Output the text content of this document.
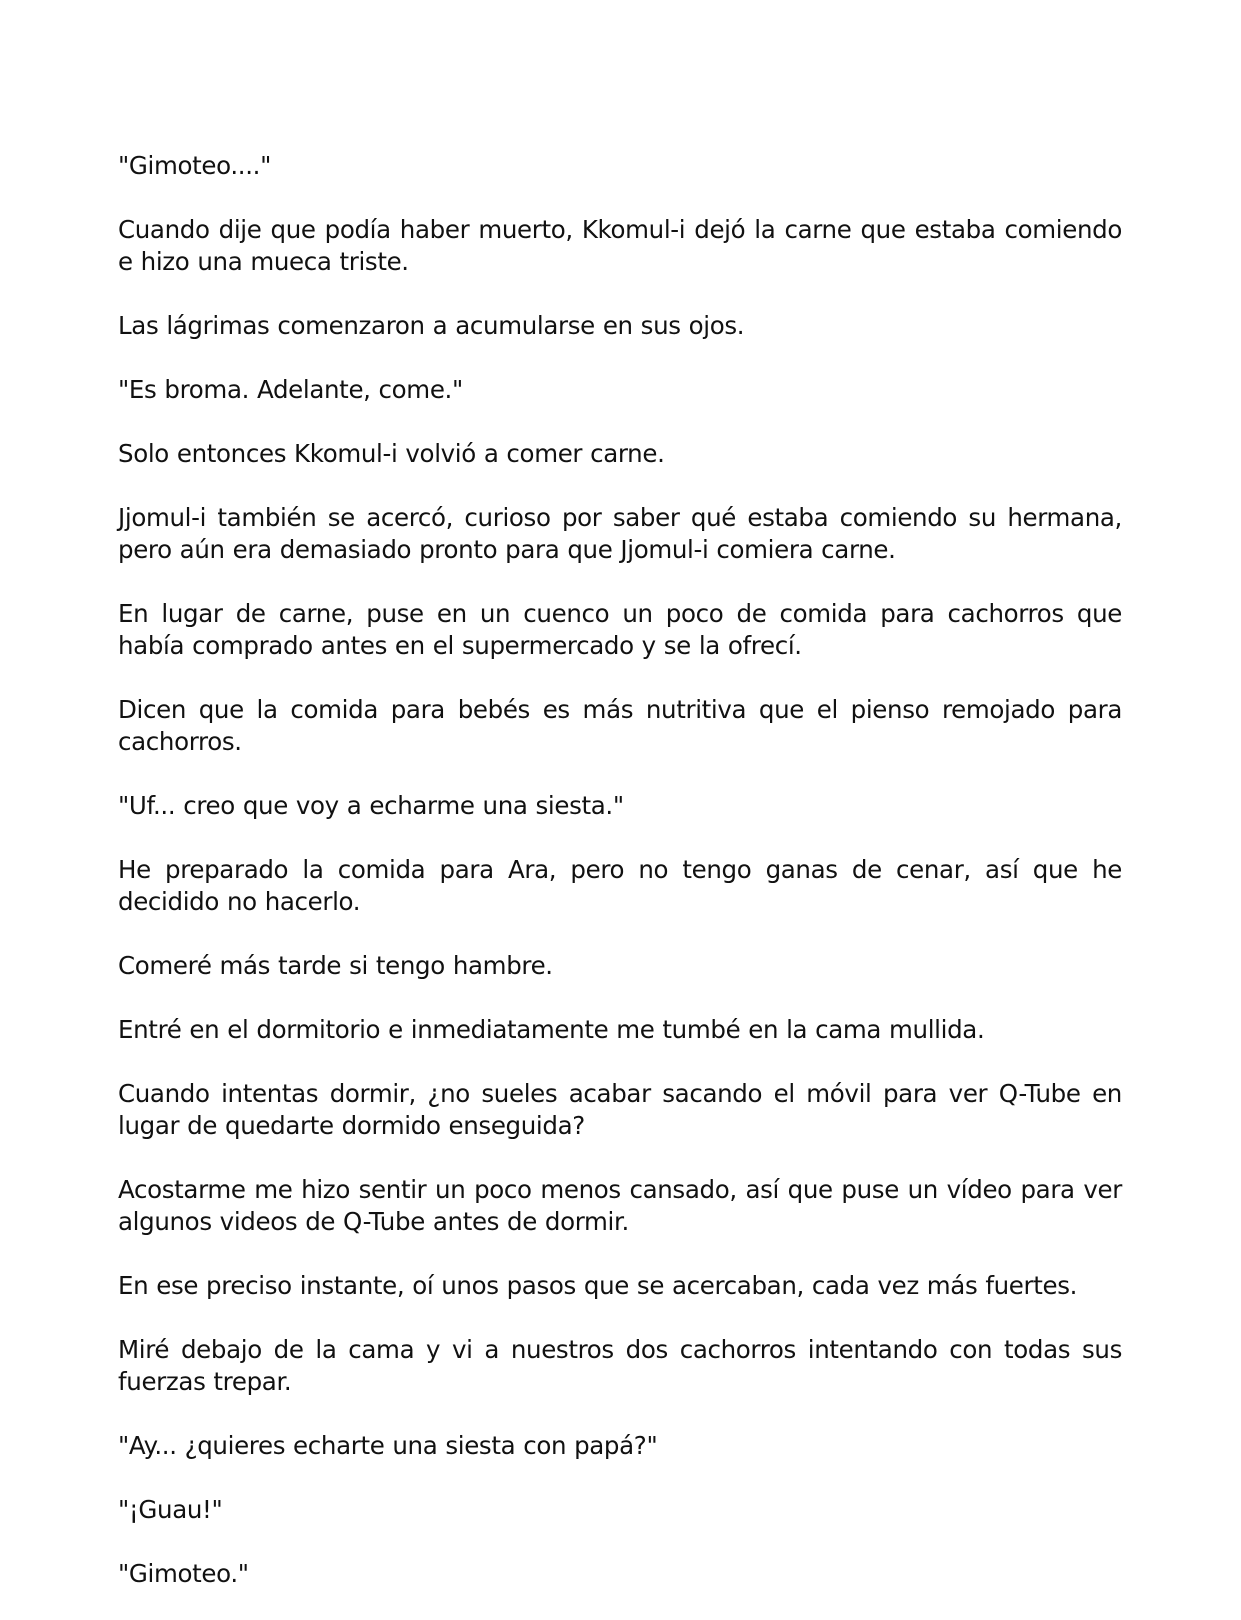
"Gimoteo...."

Cuando dije que podía haber muerto, Kkomul-i dejó la carne que estaba comiendo e hizo una mueca triste.

Las lágrimas comenzaron a acumularse en sus ojos.

"Es broma. Adelante, come."

Solo entonces Kkomul-i volvió a comer carne.

Jjomul-i también se acercó, curioso por saber qué estaba comiendo su hermana, pero aún era demasiado pronto para que Jjomul-i comiera carne.

En lugar de carne, puse en un cuenco un poco de comida para cachorros que había comprado antes en el supermercado y se la ofrecí.

Dicen que la comida para bebés es más nutritiva que el pienso remojado para cachorros.

"Uf... creo que voy a echarme una siesta."

He preparado la comida para Ara, pero no tengo ganas de cenar, así que he decidido no hacerlo.

Comeré más tarde si tengo hambre.

Entré en el dormitorio e inmediatamente me tumbé en la cama mullida.

Cuando intentas dormir, ¿no sueles acabar sacando el móvil para ver Q-Tube en lugar de quedarte dormido enseguida?

Acostarme me hizo sentir un poco menos cansado, así que puse un vídeo para ver algunos videos de Q-Tube antes de dormir.

En ese preciso instante, oí unos pasos que se acercaban, cada vez más fuertes.

Miré debajo de la cama y vi a nuestros dos cachorros intentando con todas sus fuerzas trepar.

"Ay... ¿quieres echarte una siesta con papá?"

"¡Guau!"

"Gimoteo."
